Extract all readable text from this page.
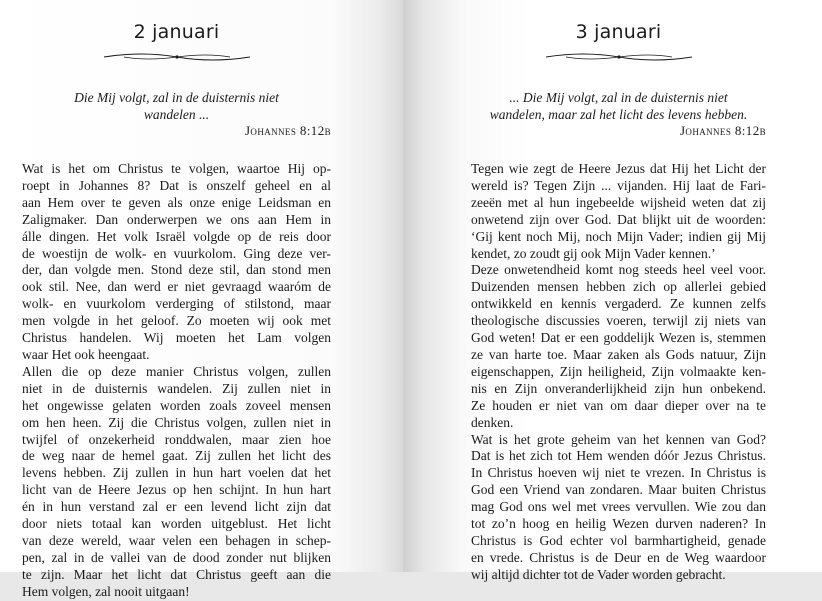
2 januari
Die Mij volgt, zal in de duisternis niet
wandelen ...
Johannes 8:12b

Wat is het om Christus te volgen, waartoe Hij op-
roept in Johannes 8? Dat is onszelf geheel en al
aan Hem over te geven als onze enige Leidsman en
Zaligmaker. Dan onderwerpen we ons aan Hem in
álle dingen. Het volk Israël volgde op de reis door
de woestijn de wolk- en vuurkolom. Ging deze ver-
der, dan volgde men. Stond deze stil, dan stond men
ook stil. Nee, dan werd er niet gevraagd waaróm de
wolk- en vuurkolom verderging of stilstond, maar
men volgde in het geloof. Zo moeten wij ook met
Christus handelen. Wij moeten het Lam volgen
waar Het ook heengaat.

Allen die op deze manier Christus volgen, zullen
niet in de duisternis wandelen. Zij zullen niet in
het ongewisse gelaten worden zoals zoveel mensen
om hen heen. Zij die Christus volgen, zullen niet in
twijfel of onzekerheid ronddwalen, maar zien hoe
de weg naar de hemel gaat. Zij zullen het licht des
levens hebben. Zij zullen in hun hart voelen dat het
licht van de Heere Jezus op hen schijnt. In hun hart
én in hun verstand zal er een levend licht zijn dat
door niets totaal kan worden uitgeblust. Het licht
van deze wereld, waar velen een behagen in schep-
pen, zal in de vallei van de dood zonder nut blijken
te zijn. Maar het licht dat Christus geeft aan die
Hem volgen, zal nooit uitgaan!

3 januari
... Die Mij volgt, zal in de duisternis niet
wandelen, maar zal het licht des levens hebben.
Johannes 8:12b

Tegen wie zegt de Heere Jezus dat Hij het Licht der
wereld is? Tegen Zijn ... vijanden. Hij laat de Fari-
zeeën met al hun ingebeelde wijsheid weten dat zij
onwetend zijn over God. Dat blijkt uit de woorden:
‘Gij kent noch Mij, noch Mijn Vader; indien gij Mij
kendet, zo zoudt gij ook Mijn Vader kennen.’

Deze onwetendheid komt nog steeds heel veel voor.
Duizenden mensen hebben zich op allerlei gebied
ontwikkeld en kennis vergaderd. Ze kunnen zelfs
theologische discussies voeren, terwijl zij niets van
God weten! Dat er een goddelijk Wezen is, stemmen
ze van harte toe. Maar zaken als Gods natuur, Zijn
eigenschappen, Zijn heiligheid, Zijn volmaakte ken-
nis en Zijn onveranderlijkheid zijn hun onbekend.
Ze houden er niet van om daar dieper over na te
denken.

Wat is het grote geheim van het kennen van God?
Dat is het zich tot Hem wenden dóór Jezus Christus.
In Christus hoeven wij niet te vrezen. In Christus is
God een Vriend van zondaren. Maar buiten Christus
mag God ons wel met vrees vervullen. Wie zou dan
tot zo’n hoog en heilig Wezen durven naderen? In
Christus is God echter vol barmhartigheid, genade
en vrede. Christus is de Deur en de Weg waardoor
wij altijd dichter tot de Vader worden gebracht.
